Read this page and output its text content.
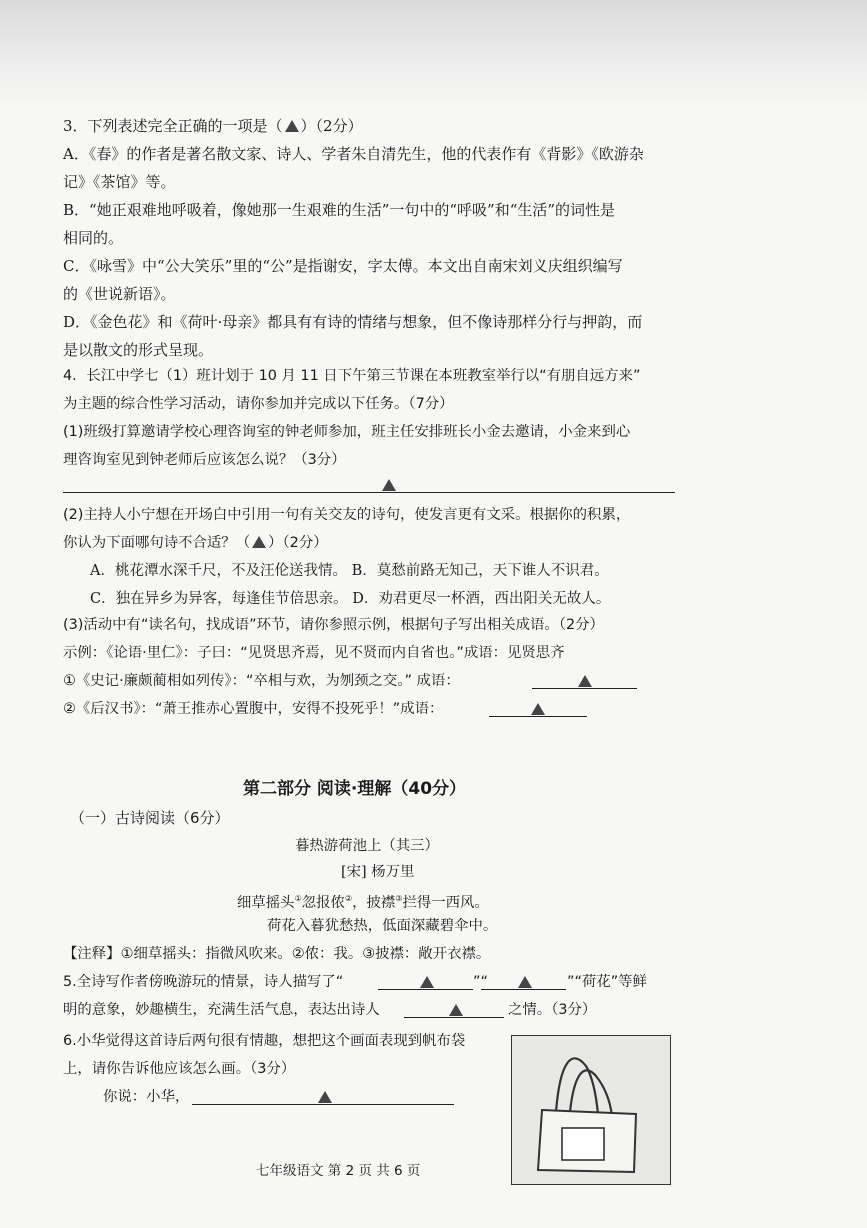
3．下列表述完全正确的一项是（ ）（2分）
A．《春》的作者是著名散文家、诗人、学者朱自清先生，他的代表作有《背影》《欧游杂
记》《茶馆》等。
B．“她正艰难地呼吸着，像她那一生艰难的生活”一句中的“呼吸”和“生活”的词性是
相同的。
C．《咏雪》中“公大笑乐”里的“公”是指谢安，字太傅。本文出自南宋刘义庆组织编写
的《世说新语》。
D．《金色花》和《荷叶·母亲》都具有有诗的情绪与想象，但不像诗那样分行与押韵，而
是以散文的形式呈现。
4．长江中学七（1）班计划于 10 月 11 日下午第三节课在本班教室举行以“有朋自远方来”
为主题的综合性学习活动，请你参加并完成以下任务。（7分）
(1)班级打算邀请学校心理咨询室的钟老师参加，班主任安排班长小金去邀请，小金来到心
理咨询室见到钟老师后应该怎么说？（3分）
(2)主持人小宁想在开场白中引用一句有关交友的诗句，使发言更有文采。根据你的积累，
你认为下面哪句诗不合适？（ ）（2分）
A．桃花潭水深千尺，不及汪伦送我情。 B．莫愁前路无知己，天下谁人不识君。
C．独在异乡为异客，每逢佳节倍思亲。 D．劝君更尽一杯酒，西出阳关无故人。
(3)活动中有“读名句，找成语”环节，请你参照示例，根据句子写出相关成语。（2分）
示例：《论语·里仁》：子曰：“见贤思齐焉，见不贤而内自省也。”成语：见贤思齐
①《史记·廉颇蔺相如列传》：“卒相与欢，为刎颈之交。” 成语：
②《后汉书》：“萧王推赤心置腹中，安得不投死乎！”成语：
第二部分 阅读·理解（40分）
（一）古诗阅读（6分）
暮热游荷池上（其三）
[宋] 杨万里
细草摇头①忽报侬②，披襟③拦得一西风。
荷花入暮犹愁热，低面深藏碧伞中。
【注释】①细草摇头：指微风吹来。②侬：我。③披襟：敞开衣襟。
5.全诗写作者傍晚游玩的情景，诗人描写了“	”“	”“荷花”等鲜
明的意象，妙趣横生，充满生活气息，表达出诗人	之情。（3分）
6.小华觉得这首诗后两句很有情趣，想把这个画面表现到帆布袋
上，请你告诉他应该怎么画。（3分）
你说：小华，
七年级语文 第 2 页 共 6 页
